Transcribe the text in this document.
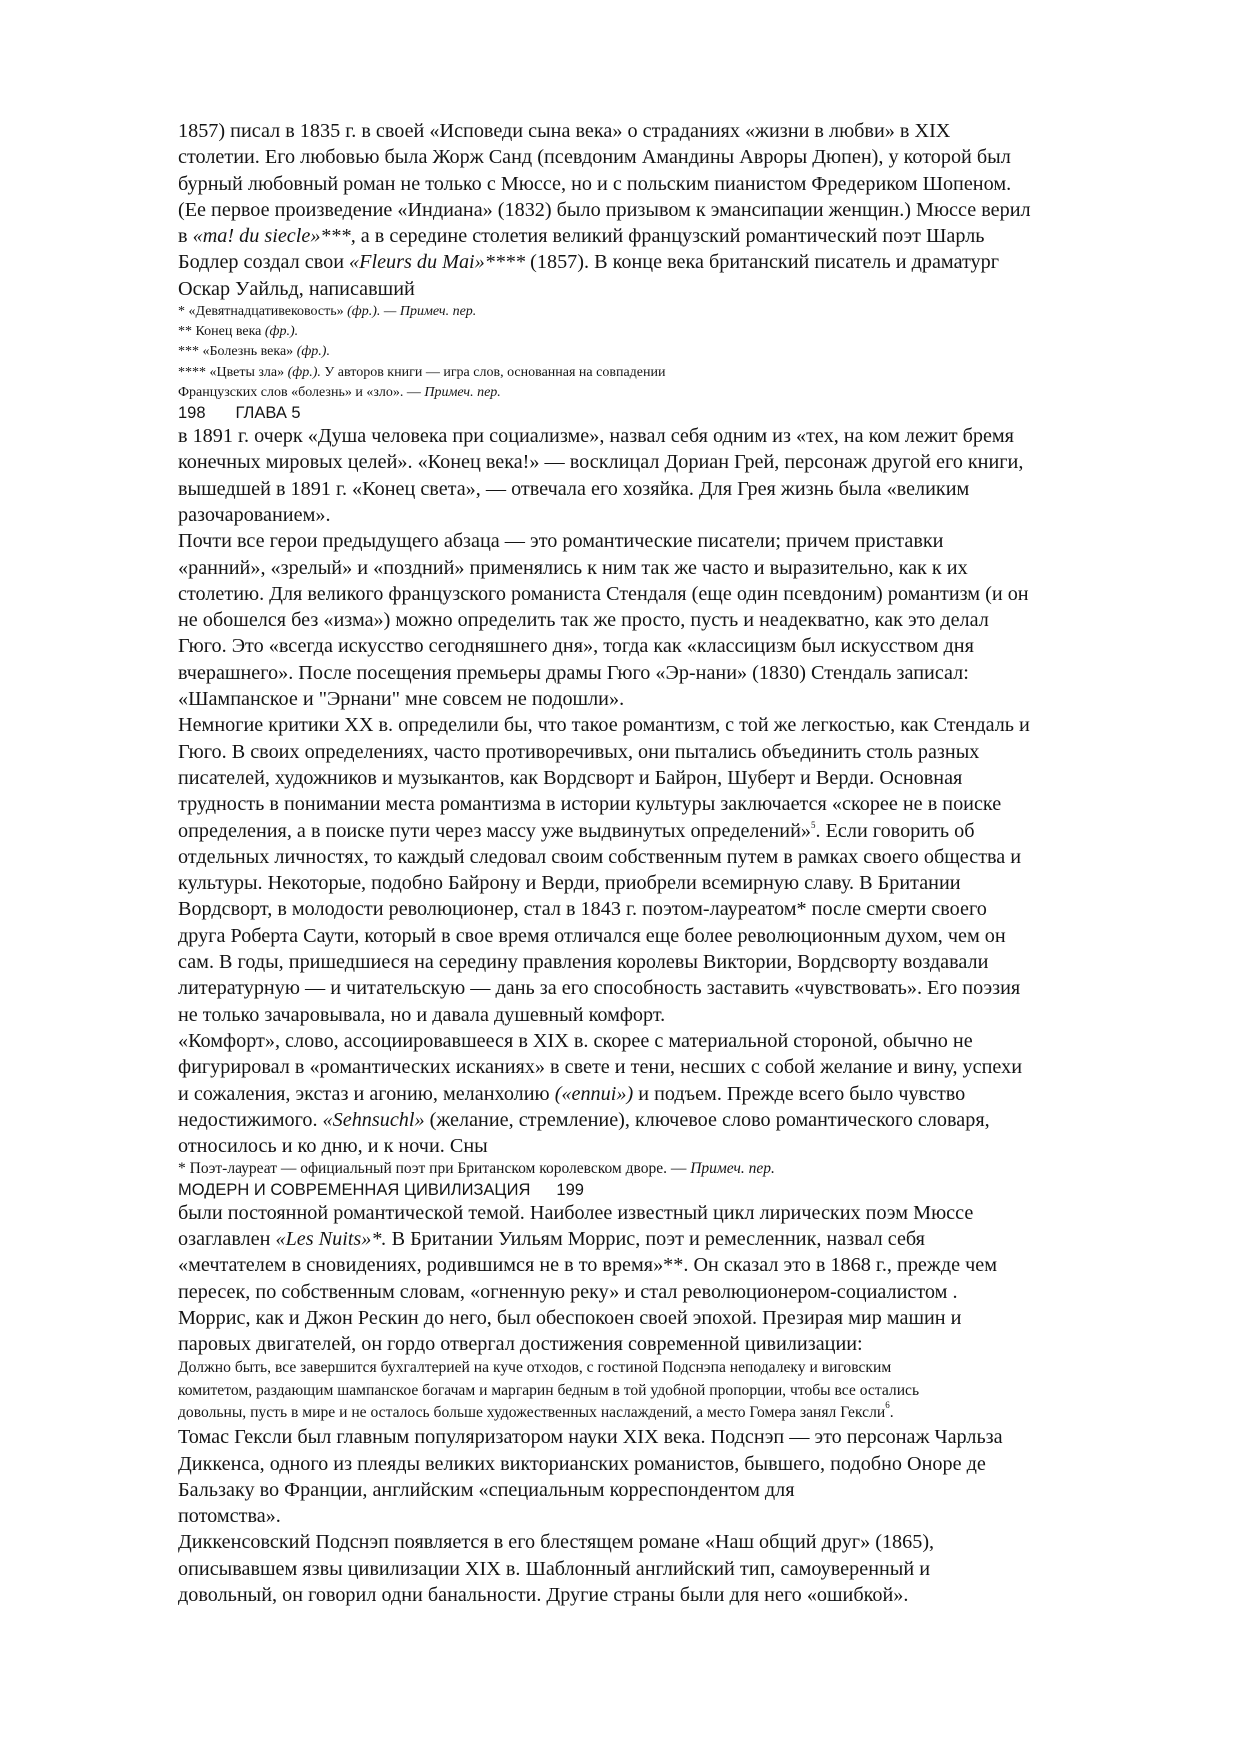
1857) писал в 1835 г. в своей «Исповеди сына века» о страданиях «жизни в любви» в XIX

столетии. Его любовью была Жорж Санд (псевдоним Амандины Авроры Дюпен), у которой был

бурный любовный роман не только с Мюссе, но и с польским пианистом Фредериком Шопеном.

(Ее первое произведение «Индиана» (1832) было призывом к эмансипации женщин.) Мюссе верил

в «ma! du siecle»***, а в середине столетия великий французский романтический поэт Шарль

Бодлер создал свои «Fleurs du Mai»**** (1857). В конце века британский писатель и драматург

Оскар Уайльд, написавший

* «Девятнадцативековость» (фр.). — Примеч. пер.

** Конец века (фр.).

*** «Болезнь века» (фр.).

**** «Цветы зла» (фр.). У авторов книги — игра слов, основанная на совпадении

Французских слов «болезнь» и «зло». — Примеч. пер.

198 ГЛАВА 5

в 1891 г. очерк «Душа человека при социализме», назвал себя одним из «тех, на ком лежит бремя

конечных мировых целей». «Конец века!» — восклицал Дориан Грей, персонаж другой его книги,

вышедшей в 1891 г. «Конец света», — отвечала его хозяйка. Для Грея жизнь была «великим

разочарованием».

Почти все герои предыдущего абзаца — это романтические писатели; причем приставки

«ранний», «зрелый» и «поздний» применялись к ним так же часто и выразительно, как к их

столетию. Для великого французского романиста Стендаля (еще один псевдоним) романтизм (и он

не обошелся без «изма») можно определить так же просто, пусть и неадекватно, как это делал

Гюго. Это «всегда искусство сегодняшнего дня», тогда как «классицизм был искусством дня

вчерашнего». После посещения премьеры драмы Гюго «Эр-нани» (1830) Стендаль записал:

«Шампанское и "Эрнани" мне совсем не подошли».

Немногие критики XX в. определили бы, что такое романтизм, с той же легкостью, как Стендаль и

Гюго. В своих определениях, часто противоречивых, они пытались объединить столь разных

писателей, художников и музыкантов, как Вордсворт и Байрон, Шуберт и Верди. Основная

трудность в понимании места романтизма в истории культуры заключается «скорее не в поиске

определения, а в поиске пути через массу уже выдвинутых определений»$^5$. Если говорить об

отдельных личностях, то каждый следовал своим собственным путем в рамках своего общества и

культуры. Некоторые, подобно Байрону и Верди, приобрели всемирную славу. В Британии

Вордсворт, в молодости революционер, стал в 1843 г. поэтом-лауреатом* после смерти своего

друга Роберта Саути, который в свое время отличался еще более революционным духом, чем он

сам. В годы, пришедшиеся на середину правления королевы Виктории, Вордсворту воздавали

литературную — и читательскую — дань за его способность заставить «чувствовать». Его поэзия

не только зачаровывала, но и давала душевный комфорт.

«Комфорт», слово, ассоциировавшееся в XIX в. скорее с материальной стороной, обычно не

фигурировал в «романтических исканиях» в свете и тени, несших с собой желание и вину, успехи

и сожаления, экстаз и агонию, меланхолию («ennui») и подъем. Прежде всего было чувство

недостижимого. «Sehnsuchl» (желание, стремление), ключевое слово романтического словаря,

относилось и ко дню, и к ночи. Сны

* Поэт-лауреат — официальный поэт при Британском королевском дворе. — Примеч. пер.

МОДЕРН И СОВРЕМЕННАЯ ЦИВИЛИЗАЦИЯ 199

были постоянной романтической темой. Наиболее известный цикл лирических поэм Мюссе

озаглавлен «Les Nuits»*. В Британии Уильям Моррис, поэт и ремесленник, назвал себя

«мечтателем в сновидениях, родившимся не в то время»**. Он сказал это в 1868 г., прежде чем

пересек, по собственным словам, «огненную реку» и стал революционером-социалистом .

Моррис, как и Джон Рескин до него, был обеспокоен своей эпохой. Презирая мир машин и

паровых двигателей, он гордо отвергал достижения современной цивилизации:

Должно быть, все завершится бухгалтерией на куче отходов, с гостиной Подснэпа неподалеку и виговским

комитетом, раздающим шампанское богачам и маргарин бедным в той удобной пропорции, чтобы все остались

довольны, пусть в мире и не осталось больше художественных наслаждений, а место Гомера занял Гексли$^6$.

Томас Гексли был главным популяризатором науки XIX века. Подснэп — это персонаж Чарльза

Диккенса, одного из плеяды великих викторианских романистов, бывшего, подобно Оноре де

Бальзаку во Франции, английским «специальным корреспондентом для

потомства».

Диккенсовский Подснэп появляется в его блестящем романе «Наш общий друг» (1865),

описывавшем язвы цивилизации XIX в. Шаблонный английский тип, самоуверенный и

довольный, он говорил одни банальности. Другие страны были для него «ошибкой».
